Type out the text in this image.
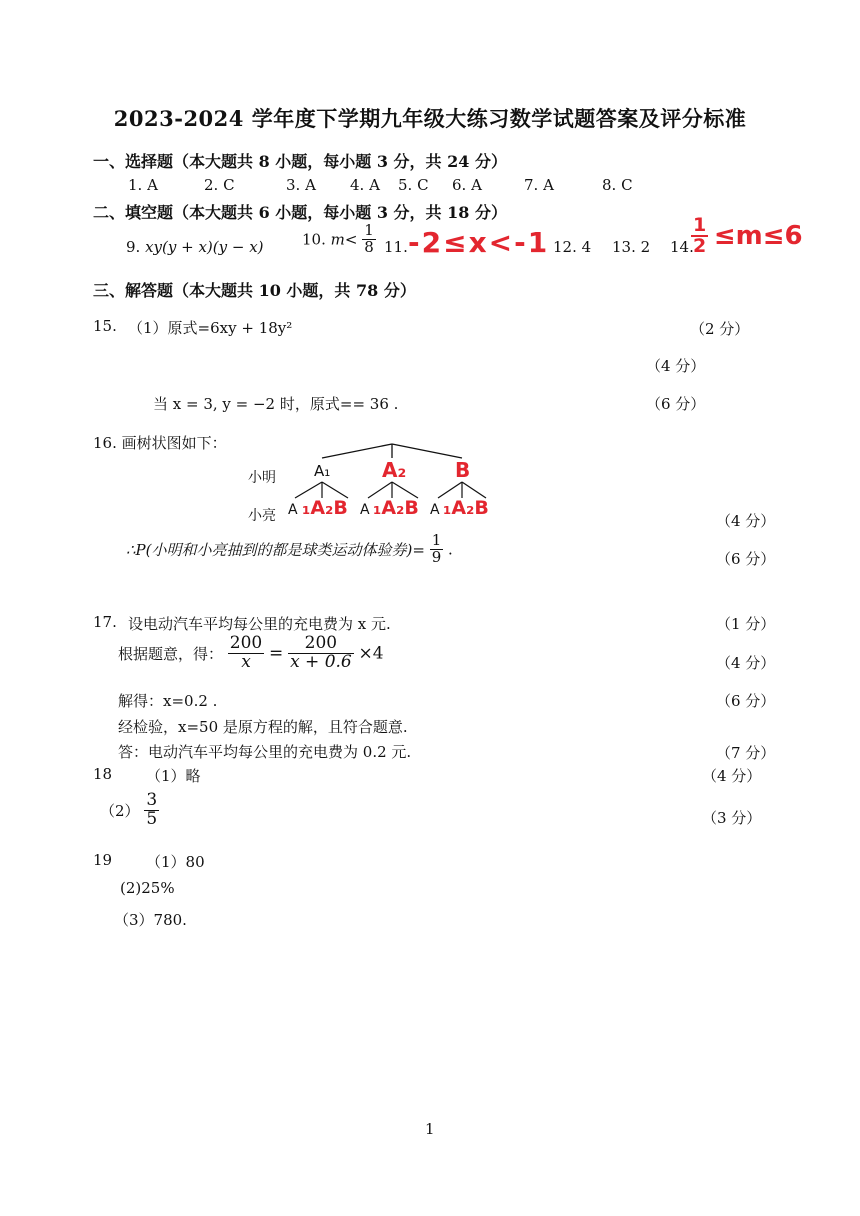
2023-2024 学年度下学期九年级大练习数学试题答案及评分标准
一、选择题（本大题共 8 小题，每小题 3 分，共 24 分）
1. A	2. C	3. A 4. A 5. C 6. A	7. A	8. C
二、填空题（本大题共 6 小题，每小题 3 分，共 18 分）
9. xy(y + x)(y − x)	10. $m< \frac{1}{8} 11$. -2≤x<-1 12. 4 13. 2 14.
$\frac{1}{2} \le m\le 6$
三、解答题（本大题共 10 小题，共 78 分）
15. （1）原式=6xy + 18y²	（2 分）
（4 分）
当 x = 3, y = −2 时，原式== 36 .	（6 分）
16. 画树状图如下：
小明
小亮
A₁	A₂ B
A ₁A₂B A ₁A₂B A ₁A₂B
（4 分）
∴P(小明和小亮抽到的都是球类运动体验券)= $\frac{1}{9}$ .
（6 分）
17. 设电动汽车平均每公里的充电费为 x 元.	（1 分）
根据题意，得： $\frac{200}{x} = \frac{200}{x + 0.6} \times 4$	（4 分）
解得：x=0.2 .	（6 分）
经检验，x=50 是原方程的解，且符合题意.
答：电动汽车平均每公里的充电费为 0.2 元.	（7 分）
18 （1）略	（4 分）
$(2) \frac{3}{5}$	（3 分）
19 （1）80
(2)25%
（3）780.
1
